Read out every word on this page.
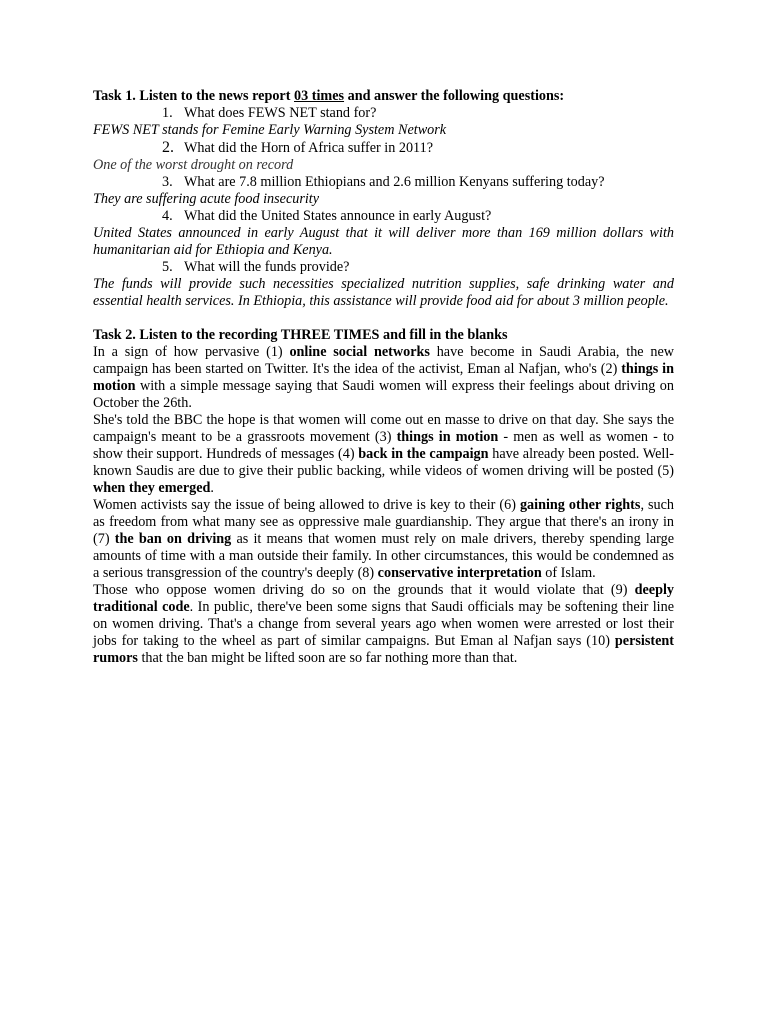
Task 1. Listen to the news report 03 times and answer the following questions:

1. What does FEWS NET stand for?

FEWS NET stands for Femine Early Warning System Network

2. What did the Horn of Africa suffer in 2011?

One of the worst drought on record

3. What are 7.8 million Ethiopians and 2.6 million Kenyans suffering today?

They are suffering acute food insecurity

4. What did the United States announce in early August?

United States announced in early August that it will deliver more than 169 million dollars with humanitarian aid for Ethiopia and Kenya.

5. What will the funds provide?

The funds will provide such necessities specialized nutrition supplies, safe drinking water and essential health services. In Ethiopia, this assistance will provide food aid for about 3 million people.

Task 2. Listen to the recording THREE TIMES and fill in the blanks

In a sign of how pervasive (1) online social networks have become in Saudi Arabia, the new campaign has been started on Twitter. It's the idea of the activist, Eman al Nafjan, who's (2) things in motion with a simple message saying that Saudi women will express their feelings about driving on October the 26th.

She's told the BBC the hope is that women will come out en masse to drive on that day. She says the campaign's meant to be a grassroots movement (3) things in motion - men as well as women - to show their support. Hundreds of messages (4) back in the campaign have already been posted. Well-known Saudis are due to give their public backing, while videos of women driving will be posted (5) when they emerged.

Women activists say the issue of being allowed to drive is key to their (6) gaining other rights, such as freedom from what many see as oppressive male guardianship. They argue that there's an irony in (7) the ban on driving as it means that women must rely on male drivers, thereby spending large amounts of time with a man outside their family. In other circumstances, this would be condemned as a serious transgression of the country's deeply (8) conservative interpretation of Islam.

Those who oppose women driving do so on the grounds that it would violate that (9) deeply traditional code. In public, there've been some signs that Saudi officials may be softening their line on women driving. That's a change from several years ago when women were arrested or lost their jobs for taking to the wheel as part of similar campaigns. But Eman al Nafjan says (10) persistent rumors that the ban might be lifted soon are so far nothing more than that.
